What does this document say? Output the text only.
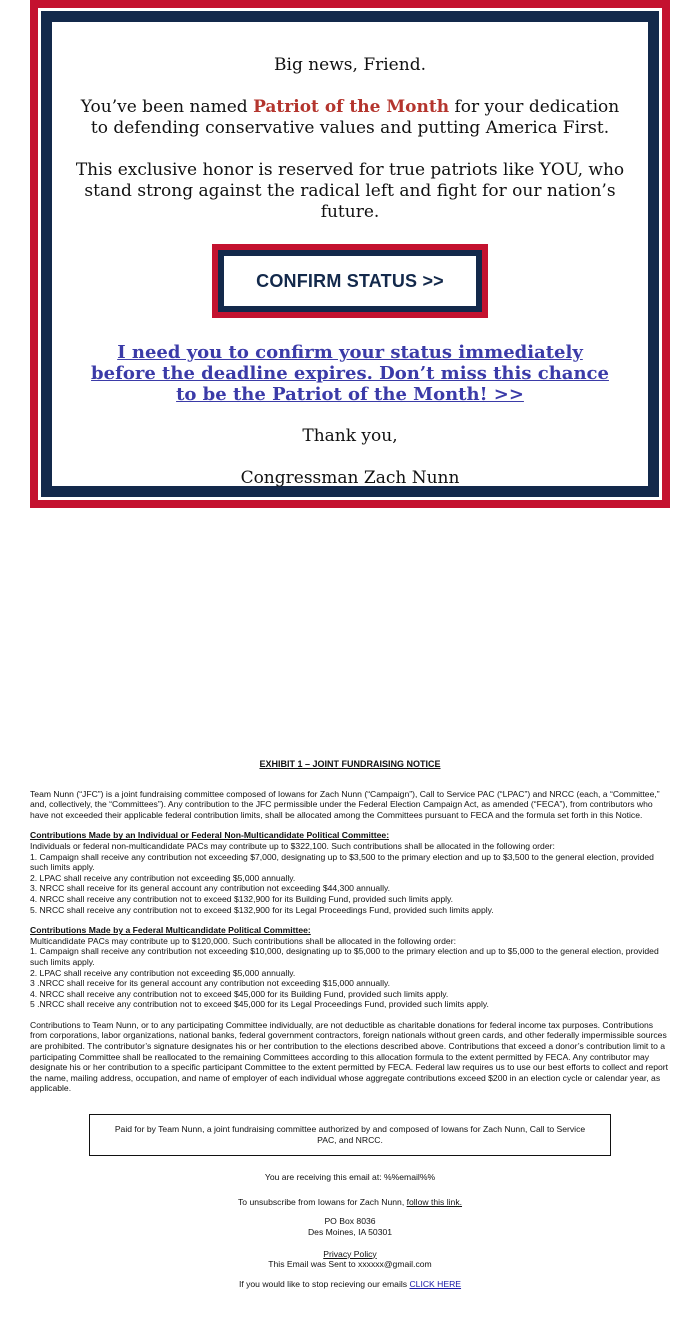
Big news, Friend.

You’ve been named Patriot of the Month for your dedication to defending conservative values and putting America First.

This exclusive honor is reserved for true patriots like YOU, who stand strong against the radical left and fight for our nation’s future.

CONFIRM STATUS >>
I need you to confirm your status immediately before the deadline expires. Don’t miss this chance to be the Patriot of the Month! >>

Thank you,

Congressman Zach Nunn

EXHIBIT 1 – JOINT FUNDRAISING NOTICE

Team Nunn (“JFC”) is a joint fundraising committee composed of Iowans for Zach Nunn (“Campaign”), Call to Service PAC (“LPAC”) and NRCC (each, a “Committee,” and, collectively, the “Committees”). Any contribution to the JFC permissible under the Federal Election Campaign Act, as amended (“FECA”), from contributors who have not exceeded their applicable federal contribution limits, shall be allocated among the Committees pursuant to FECA and the formula set forth in this Notice.

Contributions Made by an Individual or Federal Non-Multicandidate Political Committee:

Individuals or federal non-multicandidate PACs may contribute up to $322,100. Such contributions shall be allocated in the following order:

1. Campaign shall receive any contribution not exceeding $7,000, designating up to $3,500 to the primary election and up to $3,500 to the general election, provided such limits apply.

2. LPAC shall receive any contribution not exceeding $5,000 annually.

3. NRCC shall receive for its general account any contribution not exceeding $44,300 annually.

4. NRCC shall receive any contribution not to exceed $132,900 for its Building Fund, provided such limits apply.

5. NRCC shall receive any contribution not to exceed $132,900 for its Legal Proceedings Fund, provided such limits apply.

Contributions Made by a Federal Multicandidate Political Committee:

Multicandidate PACs may contribute up to $120,000. Such contributions shall be allocated in the following order:

1. Campaign shall receive any contribution not exceeding $10,000, designating up to $5,000 to the primary election and up to $5,000 to the general election, provided such limits apply.

2. LPAC shall receive any contribution not exceeding $5,000 annually.

3 .NRCC shall receive for its general account any contribution not exceeding $15,000 annually.

4. NRCC shall receive any contribution not to exceed $45,000 for its Building Fund, provided such limits apply.

5 .NRCC shall receive any contribution not to exceed $45,000 for its Legal Proceedings Fund, provided such limits apply.

Contributions to Team Nunn, or to any participating Committee individually, are not deductible as charitable donations for federal income tax purposes. Contributions from corporations, labor organizations, national banks, federal government contractors, foreign nationals without green cards, and other federally impermissible sources are prohibited. The contributor’s signature designates his or her contribution to the elections described above. Contributions that exceed a donor’s contribution limit to a participating Committee shall be reallocated to the remaining Committees according to this allocation formula to the extent permitted by FECA. Any contributor may designate his or her contribution to a specific participant Committee to the extent permitted by FECA. Federal law requires us to use our best efforts to collect and report the name, mailing address, occupation, and name of employer of each individual whose aggregate contributions exceed $200 in an election cycle or calendar year, as applicable.

Paid for by Team Nunn, a joint fundraising committee authorized by and composed of Iowans for Zach Nunn, Call to Service PAC, and NRCC.

You are receiving this email at: %%email%%

To unsubscribe from Iowans for Zach Nunn, follow this link.

PO Box 8036

Des Moines, IA 50301

Privacy Policy

This Email was Sent to xxxxxx@gmail.com

If you would like to stop recieving our emails CLICK HERE
